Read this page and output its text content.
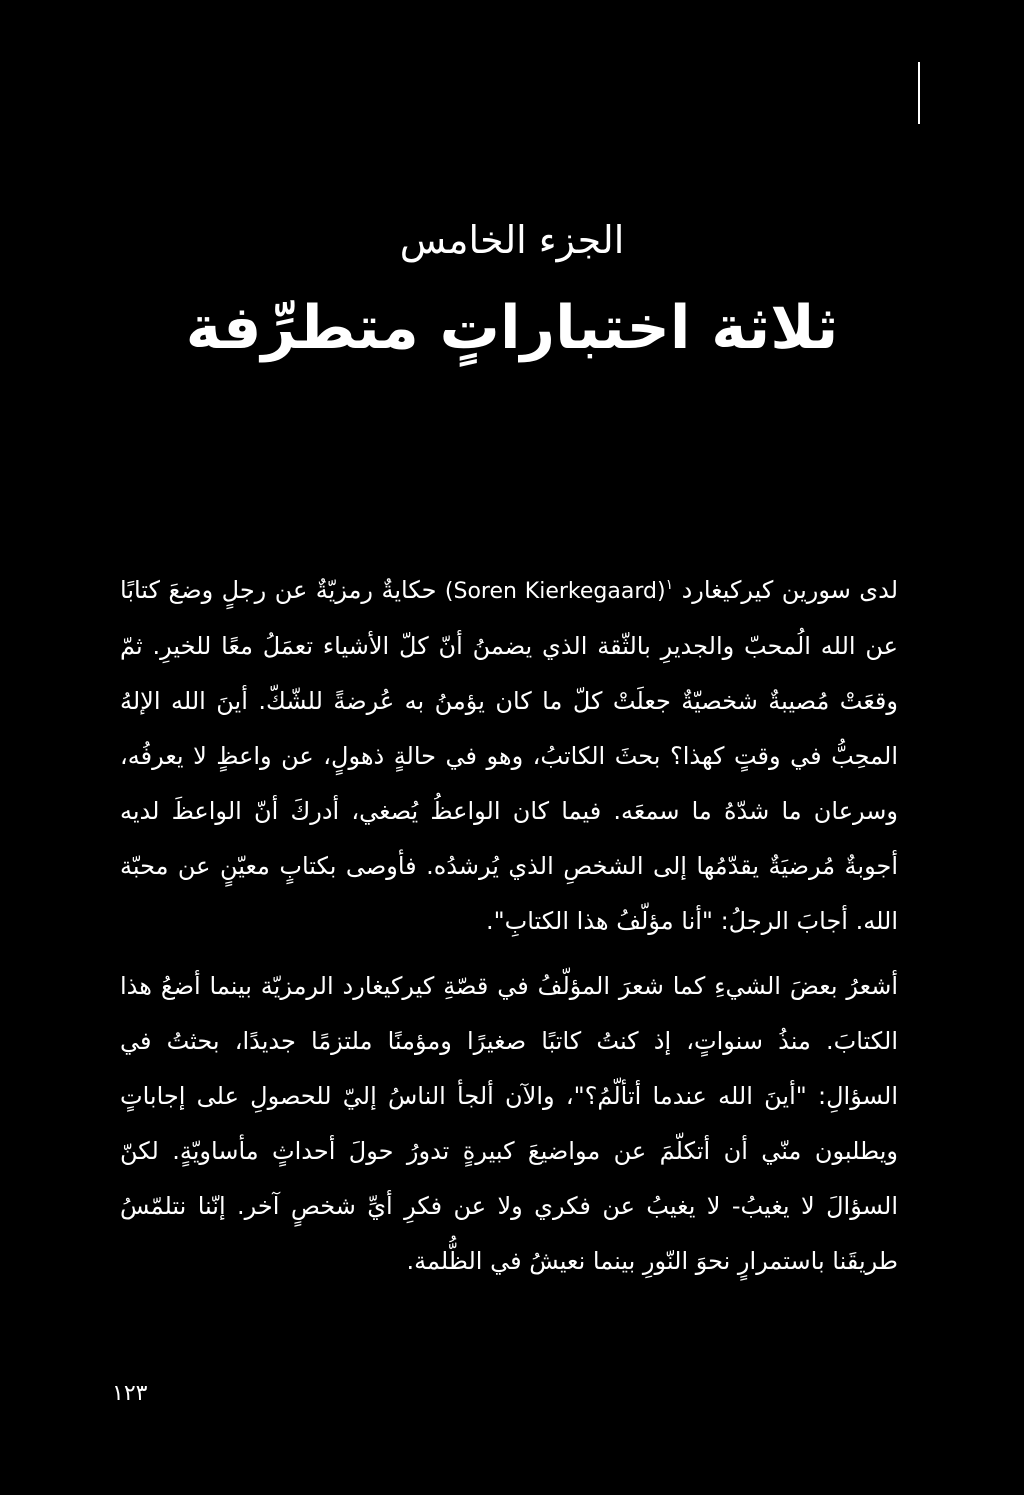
الجزء الخامس
ثلاثة اختباراتٍ متطرِّفة

لدى سورين كيركيغارد (Soren Kierkegaard)$^١$ حكايةٌ رمزيّةٌ عن رجلٍ وضعَ كتابًا عن الله الُمحبّ والجديرِ بالثّقة الذي يضمنُ أنّ كلّ الأشياء تعمَلُ معًا للخيرِ. ثمّ وقعَتْ مُصيبةٌ شخصيّةٌ جعلَتْ كلّ ما كان يؤمنُ به عُرضةً للشّكّ. أينَ الله الإلهُ المحِبُّ في وقتٍ كهذا؟ بحثَ الكاتبُ، وهو في حالةٍ ذهولٍ، عن واعظٍ لا يعرفُه، وسرعان ما شدّهُ ما سمعَه. فيما كان الواعظُ يُصغي، أدركَ أنّ الواعظَ لديه أجوبةٌ مُرضيَةٌ يقدّمُها إلى الشخصِ الذي يُرشدُه. فأوصى بكتابٍ معيّنٍ عن محبّة الله. أجابَ الرجلُ: "أنا مؤلّفُ هذا الكتابِ".

أشعرُ بعضَ الشيءِ كما شعرَ المؤلّفُ في قصّةِ كيركيغارد الرمزيّة بينما أضعُ هذا الكتابَ. منذُ سنواتٍ، إذ كنتُ كاتبًا صغيرًا ومؤمنًا ملتزمًا جديدًا، بحثتُ في السؤالِ: "أينَ الله عندما أتألّمُ؟"، والآن ألجأ الناسُ إليّ للحصولِ على إجاباتٍ ويطلبون منّي أن أتكلّمَ عن مواضيعَ كبيرةٍ تدورُ حولَ أحداثٍ مأساويّةٍ. لكنّ السؤالَ لا يغيبُ- لا يغيبُ عن فكري ولا عن فكرِ أيِّ شخصٍ آخر. إنّنا نتلمّسُ طريقَنا باستمرارٍ نحوَ النّورِ بينما نعيشُ في الظُّلمة.

١٢٣
